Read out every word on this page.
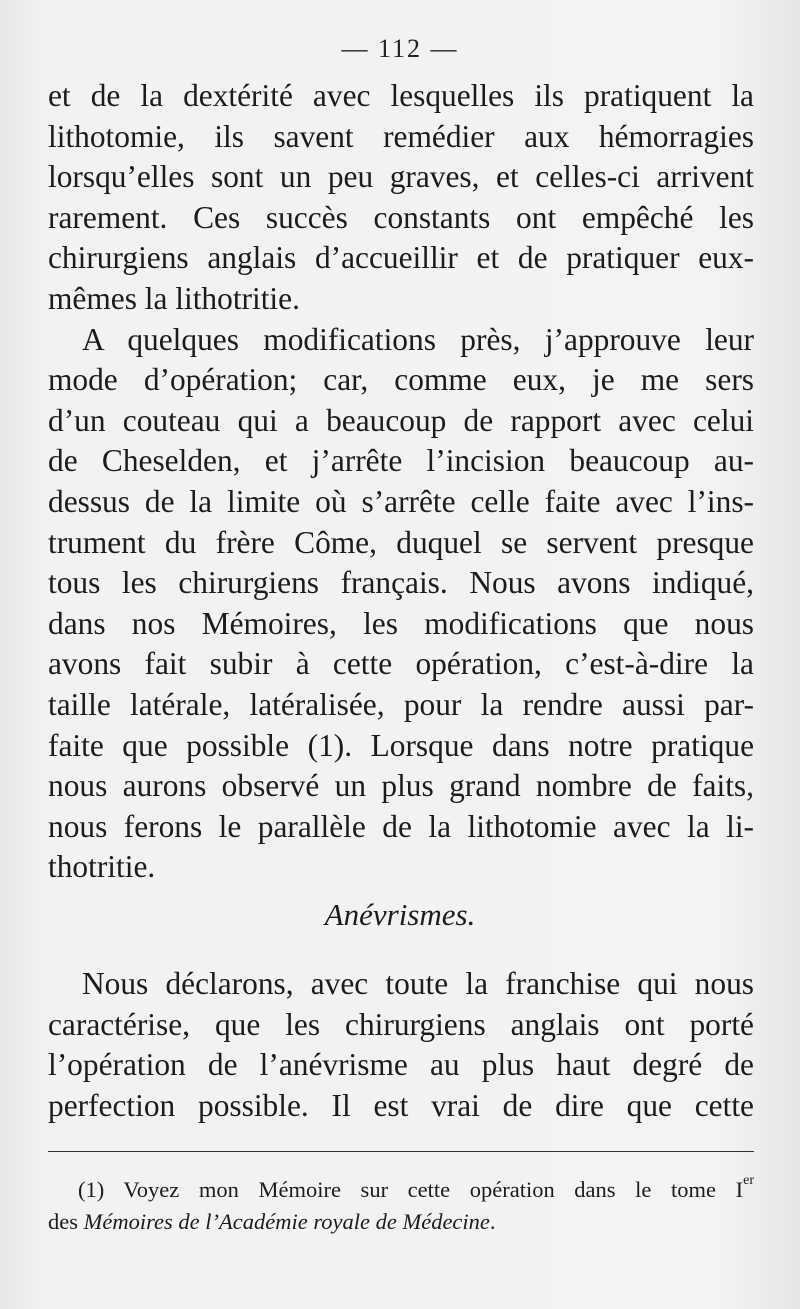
— 112 —
et de la dextérité avec lesquelles ils pratiquent la
lithotomie, ils savent remédier aux hémorragies
lorsqu’elles sont un peu graves, et celles-ci arrivent
rarement. Ces succès constants ont empêché les
chirurgiens anglais d’accueillir et de pratiquer eux-
mêmes la lithotritie.
A quelques modifications près, j’approuve leur
mode d’opération; car, comme eux, je me sers
d’un couteau qui a beaucoup de rapport avec celui
de Cheselden, et j’arrête l’incision beaucoup au-
dessus de la limite où s’arrête celle faite avec l’ins-
trument du frère Côme, duquel se servent presque
tous les chirurgiens français. Nous avons indiqué,
dans nos Mémoires, les modifications que nous
avons fait subir à cette opération, c’est-à-dire la
taille latérale, latéralisée, pour la rendre aussi par-
faite que possible (1). Lorsque dans notre pratique
nous aurons observé un plus grand nombre de faits,
nous ferons le parallèle de la lithotomie avec la li-
thotritie.
Anévrismes.
Nous déclarons, avec toute la franchise qui nous
caractérise, que les chirurgiens anglais ont porté
l’opération de l’anévrisme au plus haut degré de
perfection possible. Il est vrai de dire que cette
(1) Voyez mon Mémoire sur cette opération dans le tome Ier
des Mémoires de l’Académie royale de Médecine.
